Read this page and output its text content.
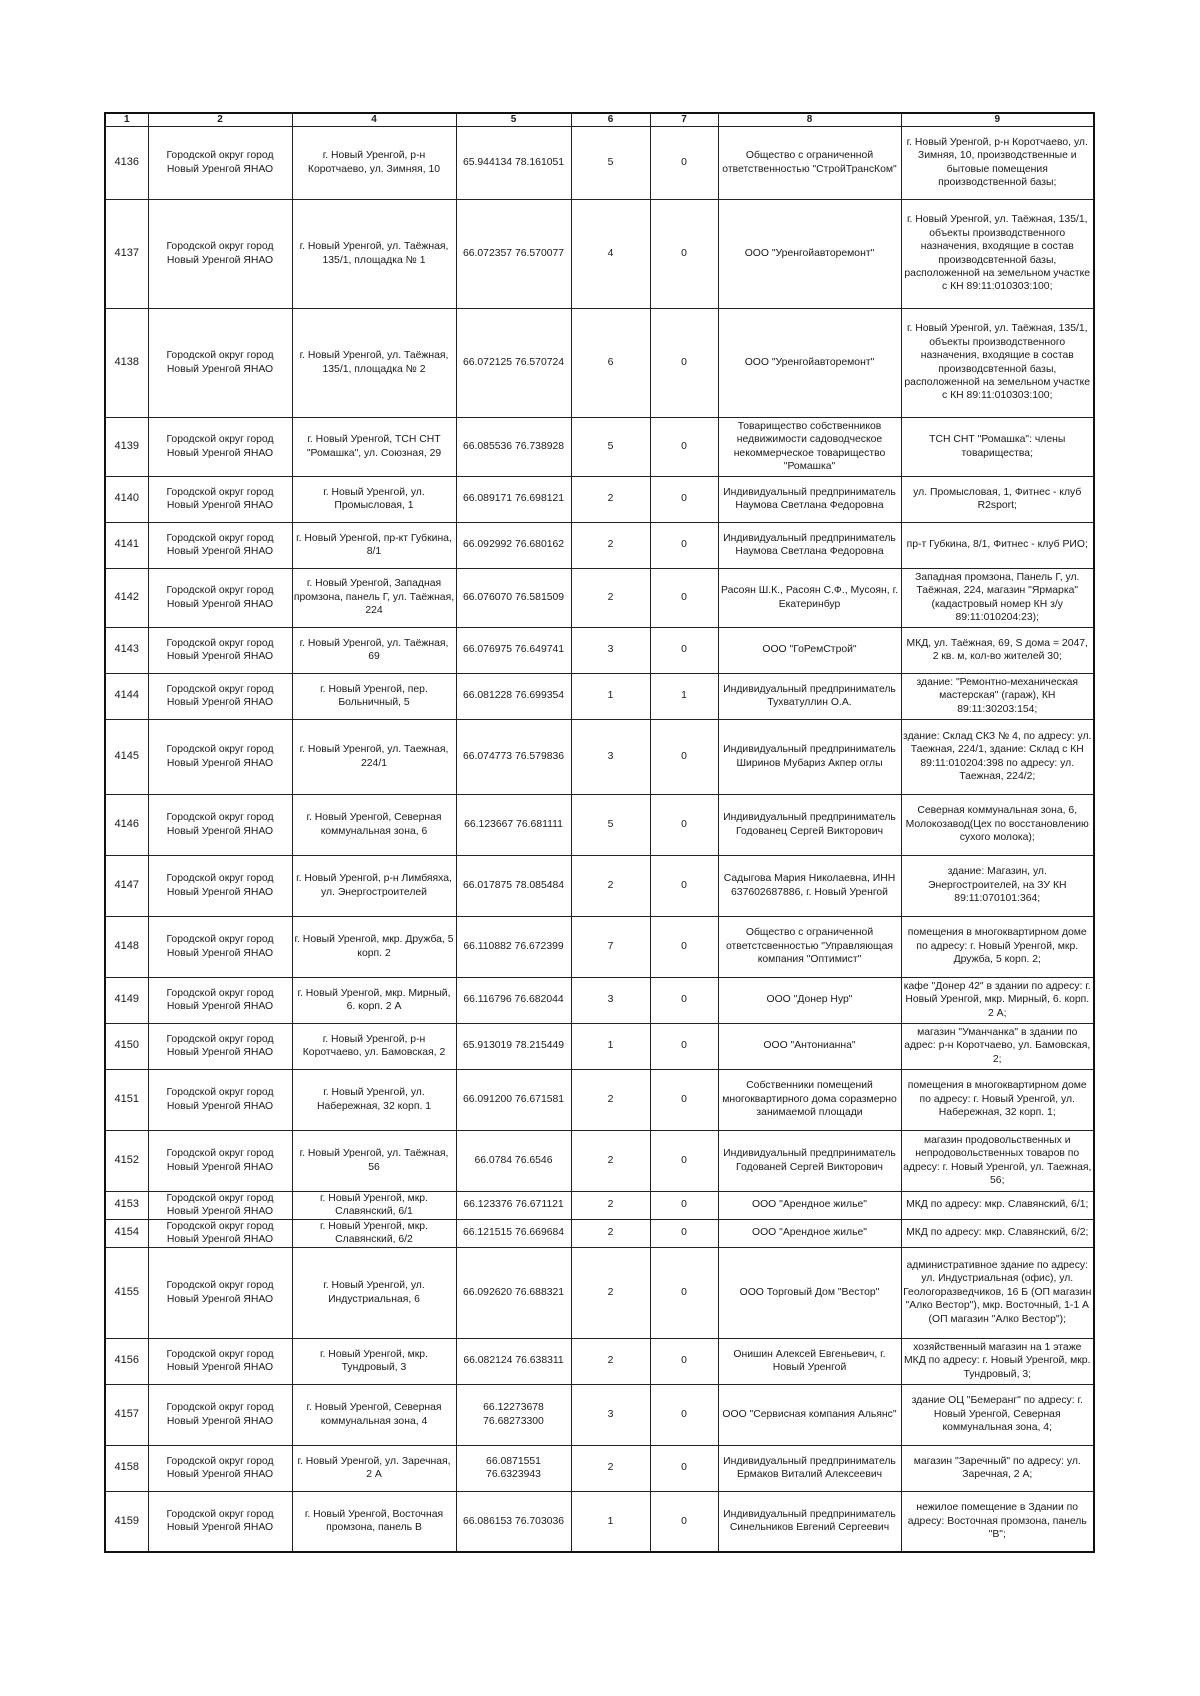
1	2	4	5	6	7	8	9
4136	Городской округ город Новый Уренгой ЯНАО	г. Новый Уренгой, р-н Коротчаево, ул. Зимняя, 10	65.944134 78.161051	5	0	Общество с ограниченной ответственностью "СтройТрансКом"	г. Новый Уренгой, р-н Коротчаево, ул. Зимняя, 10, производственные и бытовые помещения производственной базы;
4137	Городской округ город Новый Уренгой ЯНАО	г. Новый Уренгой, ул. Таёжная, 135/1, площадка № 1	66.072357 76.570077	4	0	ООО "Уренгойавторемонт"	г. Новый Уренгой, ул. Таёжная, 135/1, объекты производственного назначения, входящие в состав производсвтенной базы, расположенной на земельном участке с КН 89:11:010303:100;
4138	Городской округ город Новый Уренгой ЯНАО	г. Новый Уренгой, ул. Таёжная, 135/1, площадка № 2	66.072125 76.570724	6	0	ООО "Уренгойавторемонт"	г. Новый Уренгой, ул. Таёжная, 135/1, объекты производственного назначения, входящие в состав производсвтенной базы, расположенной на земельном участке с КН 89:11:010303:100;
4139	Городской округ город Новый Уренгой ЯНАО	г. Новый Уренгой, ТСН СНТ "Ромашка", ул. Союзная, 29	66.085536 76.738928	5	0	Товарищество собственников недвижимости садоводческое некоммерческое товарищество "Ромашка"	ТСН СНТ "Ромашка": члены товарищества;
4140	Городской округ город Новый Уренгой ЯНАО	г. Новый Уренгой, ул. Промысловая, 1	66.089171 76.698121	2	0	Индивидуальный предприниматель Наумова Светлана Федоровна	ул. Промысловая, 1, Фитнес - клуб R2sport;
4141	Городской округ город Новый Уренгой ЯНАО	г. Новый Уренгой, пр-кт Губкина, 8/1	66.092992 76.680162	2	0	Индивидуальный предприниматель Наумова Светлана Федоровна	пр-т Губкина, 8/1, Фитнес - клуб РИО;
4142	Городской округ город Новый Уренгой ЯНАО	г. Новый Уренгой, Западная промзона, панель Г, ул. Таёжная, 224	66.076070 76.581509	2	0	Расоян Ш.К., Расоян С.Ф., Мусоян, г. Екатеринбур	Западная промзона, Панель Г, ул. Таёжная, 224, магазин "Ярмарка" (кадастровый номер КН з/у 89:11:010204:23);
4143	Городской округ город Новый Уренгой ЯНАО	г. Новый Уренгой, ул. Таёжная, 69	66.076975 76.649741	3	0	ООО "ГоРемСтрой"	МКД, ул. Таёжная, 69, S дома = 2047, 2 кв. м, кол-во жителей 30;
4144	Городской округ город Новый Уренгой ЯНАО	г. Новый Уренгой, пер. Больничный, 5	66.081228 76.699354	1	1	Индивидуальный предприниматель Тухватуллин О.А.	здание: "Ремонтно-механическая мастерская" (гараж), КН 89:11:30203:154;
4145	Городской округ город Новый Уренгой ЯНАО	г. Новый Уренгой, ул. Таежная, 224/1	66.074773 76.579836	3	0	Индивидуальный предприниматель Ширинов Мубариз Акпер оглы	здание: Склад СКЗ № 4, по адресу: ул. Таежная, 224/1, здание: Склад с КН 89:11:010204:398 по адресу: ул. Таежная, 224/2;
4146	Городской округ город Новый Уренгой ЯНАО	г. Новый Уренгой, Северная коммунальная зона, 6	66.123667 76.681111	5	0	Индивидуальный предприниматель Годованец Сергей Викторович	Северная коммунальная зона, 6, Молокозавод(Цех по восстановлению сухого молока);
4147	Городской округ город Новый Уренгой ЯНАО	г. Новый Уренгой, р-н Лимбяяха, ул. Энергостроителей	66.017875 78.085484	2	0	Садыгова Мария Николаевна, ИНН 637602687886, г. Новый Уренгой	здание: Магазин, ул. Энергостроителей, на ЗУ КН 89:11:070101:364;
4148	Городской округ город Новый Уренгой ЯНАО	г. Новый Уренгой, мкр. Дружба, 5 корп. 2	66.110882 76.672399	7	0	Общество с ограниченной ответстсвенностью "Управляющая компания "Оптимист"	помещения в многоквартирном доме по адресу: г. Новый Уренгой, мкр. Дружба, 5 корп. 2;
4149	Городской округ город Новый Уренгой ЯНАО	г. Новый Уренгой, мкр. Мирный, 6. корп. 2 А	66.116796 76.682044	3	0	ООО "Донер Нур"	кафе "Донер 42" в здании по адресу: г. Новый Уренгой, мкр. Мирный, 6. корп. 2 А;
4150	Городской округ город Новый Уренгой ЯНАО	г. Новый Уренгой, р-н Коротчаево, ул. Бамовская, 2	65.913019 78.215449	1	0	ООО "Антонианна"	магазин "Уманчанка" в здании по адрес: р-н Коротчаево, ул. Бамовская, 2;
4151	Городской округ город Новый Уренгой ЯНАО	г. Новый Уренгой, ул. Набережная, 32 корп. 1	66.091200 76.671581	2	0	Собственники помещений многоквартирного дома соразмерно занимаемой площади	помещения в многоквартирном доме по адресу: г. Новый Уренгой, ул. Набережная, 32 корп. 1;
4152	Городской округ город Новый Уренгой ЯНАО	г. Новый Уренгой, ул. Таёжная, 56	66.0784 76.6546	2	0	Индивидуальный предприниматель Годованей Сергей Викторович	магазин продовольственных и непродовольственных товаров по адресу: г. Новый Уренгой, ул. Таежная, 56;
4153	Городской округ город Новый Уренгой ЯНАО	г. Новый Уренгой, мкр. Славянский, 6/1	66.123376 76.671121	2	0	ООО "Арендное жилье"	МКД по адресу: мкр. Славянский, 6/1;
4154	Городской округ город Новый Уренгой ЯНАО	г. Новый Уренгой, мкр. Славянский, 6/2	66.121515 76.669684	2	0	ООО "Арендное жилье"	МКД по адресу: мкр. Славянский, 6/2;
4155	Городской округ город Новый Уренгой ЯНАО	г. Новый Уренгой, ул. Индустриальная, 6	66.092620 76.688321	2	0	ООО Торговый Дом "Вестор"	административное здание по адресу: ул. Индустриальная (офис), ул. Геологоразведчиков, 16 Б (ОП магазин "Алко Вестор"), мкр. Восточный, 1-1 А (ОП магазин "Алко Вестор");
4156	Городской округ город Новый Уренгой ЯНАО	г. Новый Уренгой, мкр. Тундровый, 3	66.082124 76.638311	2	0	Онишин Алексей Евгеньевич, г. Новый Уренгой	хозяйственный магазин на 1 этаже МКД по адресу: г. Новый Уренгой, мкр. Тундровый, 3;
4157	Городской округ город Новый Уренгой ЯНАО	г. Новый Уренгой, Северная коммунальная зона, 4	66.12273678 76.68273300	3	0	ООО "Сервисная компания Альянс"	здание ОЦ "Бемеранг" по адресу: г. Новый Уренгой, Северная коммунальная зона, 4;
4158	Городской округ город Новый Уренгой ЯНАО	г. Новый Уренгой, ул. Заречная, 2 А	66.0871551 76.6323943	2	0	Индивидуальный предприниматель Ермаков Виталий Алексеевич	магазин "Заречный" по адресу: ул. Заречная, 2 А;
4159	Городской округ город Новый Уренгой ЯНАО	г. Новый Уренгой, Восточная промзона, панель В	66.086153 76.703036	1	0	Индивидуальный предприниматель Синельников Евгений Сергеевич	нежилое помещение в Здании по адресу: Восточная промзона, панель "В";
